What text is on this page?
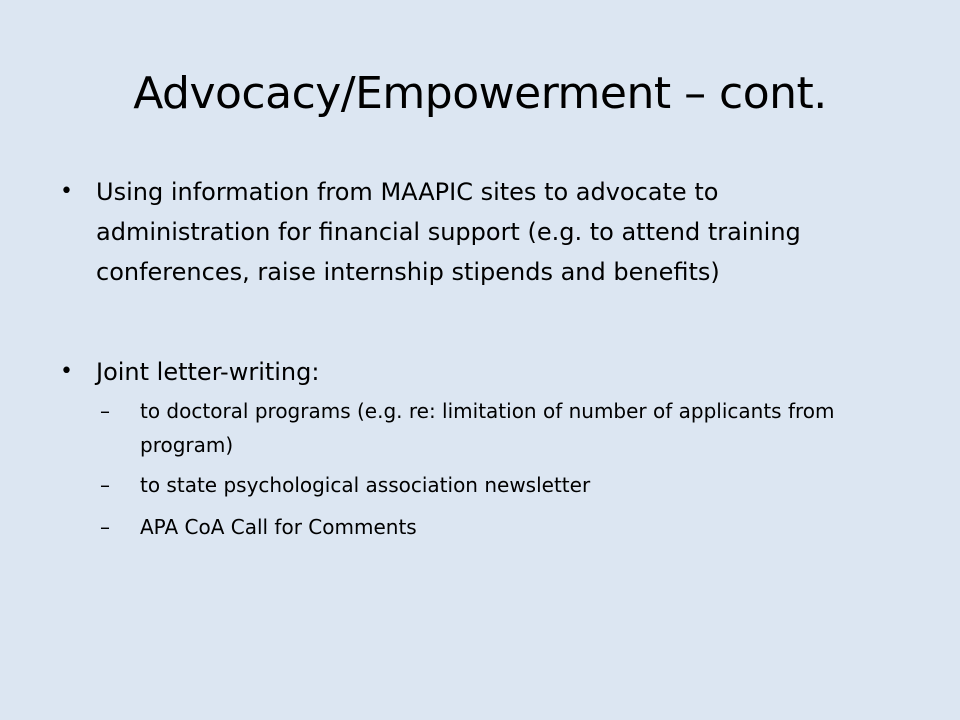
Advocacy/Empowerment – cont.
• Using information from MAAPIC sites to advocate to administration for financial support (e.g. to attend training conferences, raise internship stipends and benefits)
• Joint letter-writing:
– to doctoral programs (e.g. re: limitation of number of applicants from program)
– to state psychological association newsletter
– APA CoA Call for Comments
